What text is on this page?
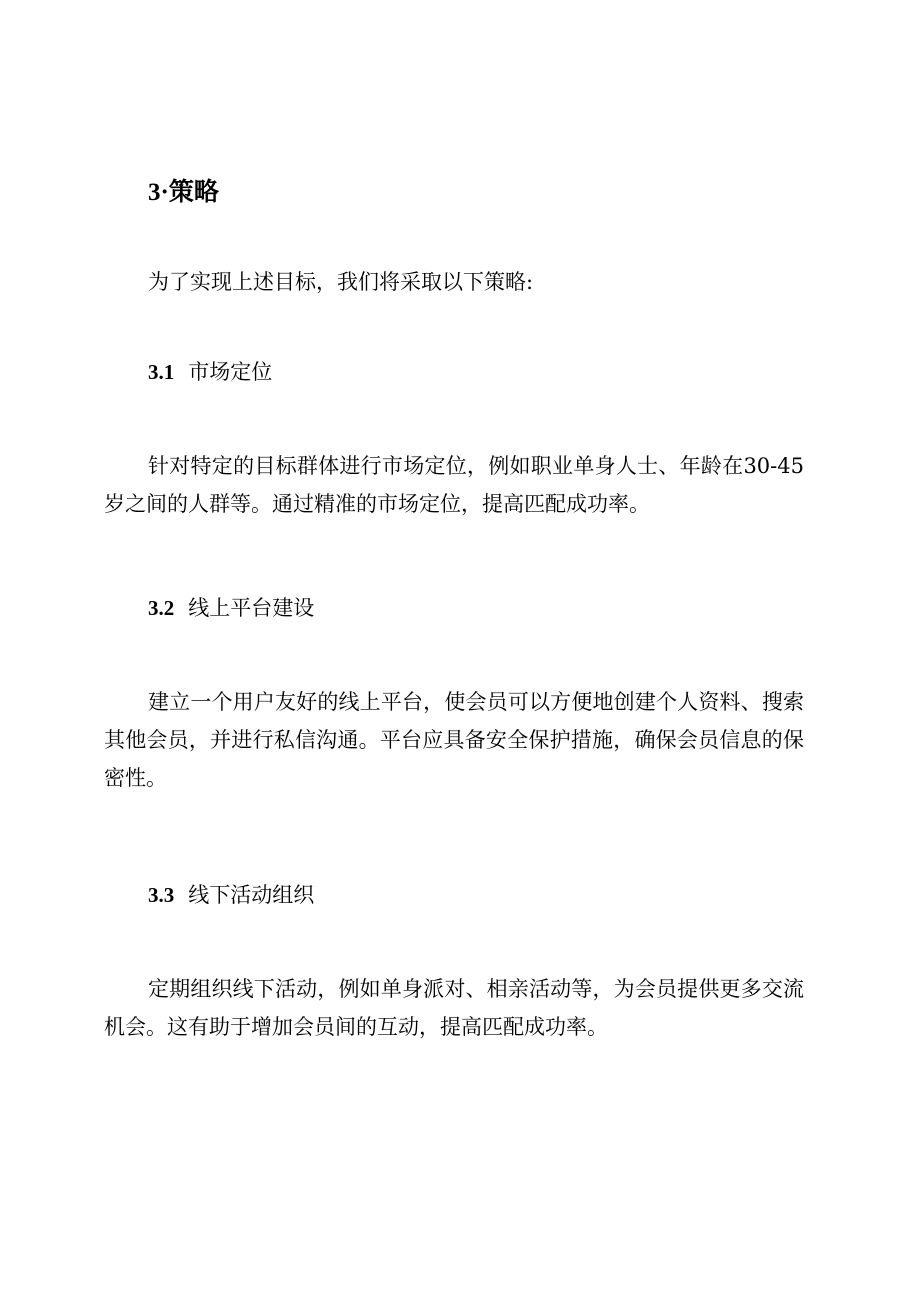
3·策略

为了实现上述目标，我们将采取以下策略:

3.1 市场定位

针对特定的目标群体进行市场定位，例如职业单身人士、年龄在30-45岁之间的人群等。通过精准的市场定位，提高匹配成功率。

3.2 线上平台建设

建立一个用户友好的线上平台，使会员可以方便地创建个人资料、搜索其他会员，并进行私信沟通。平台应具备安全保护措施，确保会员信息的保密性。

3.3 线下活动组织

定期组织线下活动，例如单身派对、相亲活动等，为会员提供更多交流机会。这有助于增加会员间的互动，提高匹配成功率。
